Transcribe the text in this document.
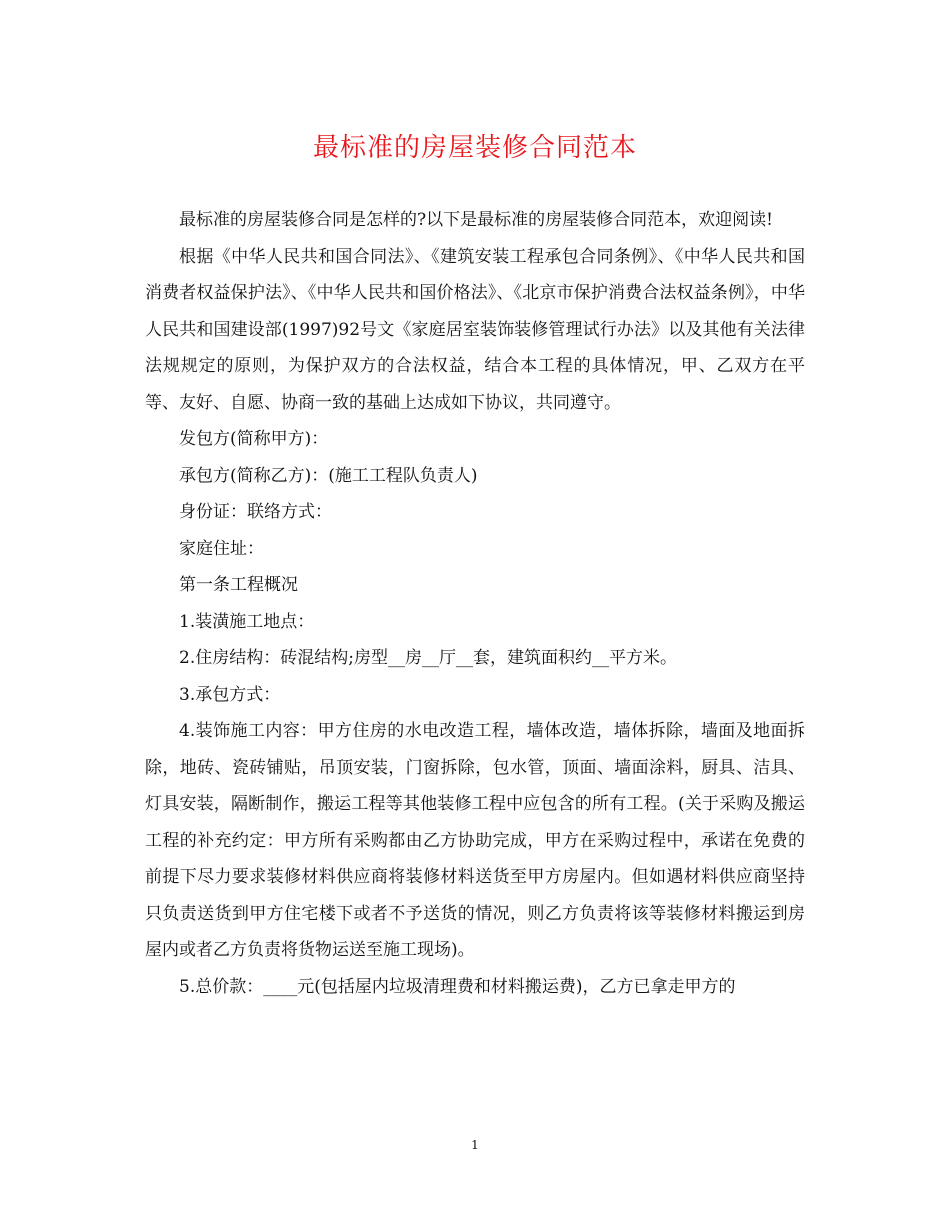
最标准的房屋装修合同范本

最标准的房屋装修合同是怎样的?以下是最标准的房屋装修合同范本，欢迎阅读!

根据《中华人民共和国合同法》、《建筑安装工程承包合同条例》、《中华人民共和国消费者权益保护法》、《中华人民共和国价格法》、《北京市保护消费合法权益条例》，中华人民共和国建设部(1997)92号文《家庭居室装饰装修管理试行办法》以及其他有关法律法规规定的原则，为保护双方的合法权益，结合本工程的具体情况，甲、乙双方在平等、友好、自愿、协商一致的基础上达成如下协议，共同遵守。

发包方(简称甲方)：

承包方(简称乙方)：(施工工程队负责人)

身份证：联络方式：

家庭住址：

第一条工程概况

1.装潢施工地点：

2.住房结构：砖混结构;房型__房__厅__套，建筑面积约__平方米。

3.承包方式：

4.装饰施工内容：甲方住房的水电改造工程，墙体改造，墙体拆除，墙面及地面拆除，地砖、瓷砖铺贴，吊顶安装，门窗拆除，包水管，顶面、墙面涂料，厨具、洁具、灯具安装，隔断制作，搬运工程等其他装修工程中应包含的所有工程。(关于采购及搬运工程的补充约定：甲方所有采购都由乙方协助完成，甲方在采购过程中，承诺在免费的前提下尽力要求装修材料供应商将装修材料送货至甲方房屋内。但如遇材料供应商坚持只负责送货到甲方住宅楼下或者不予送货的情况，则乙方负责将该等装修材料搬运到房屋内或者乙方负责将货物运送至施工现场)。

5.总价款：____元(包括屋内垃圾清理费和材料搬运费)，乙方已拿走甲方的

1
